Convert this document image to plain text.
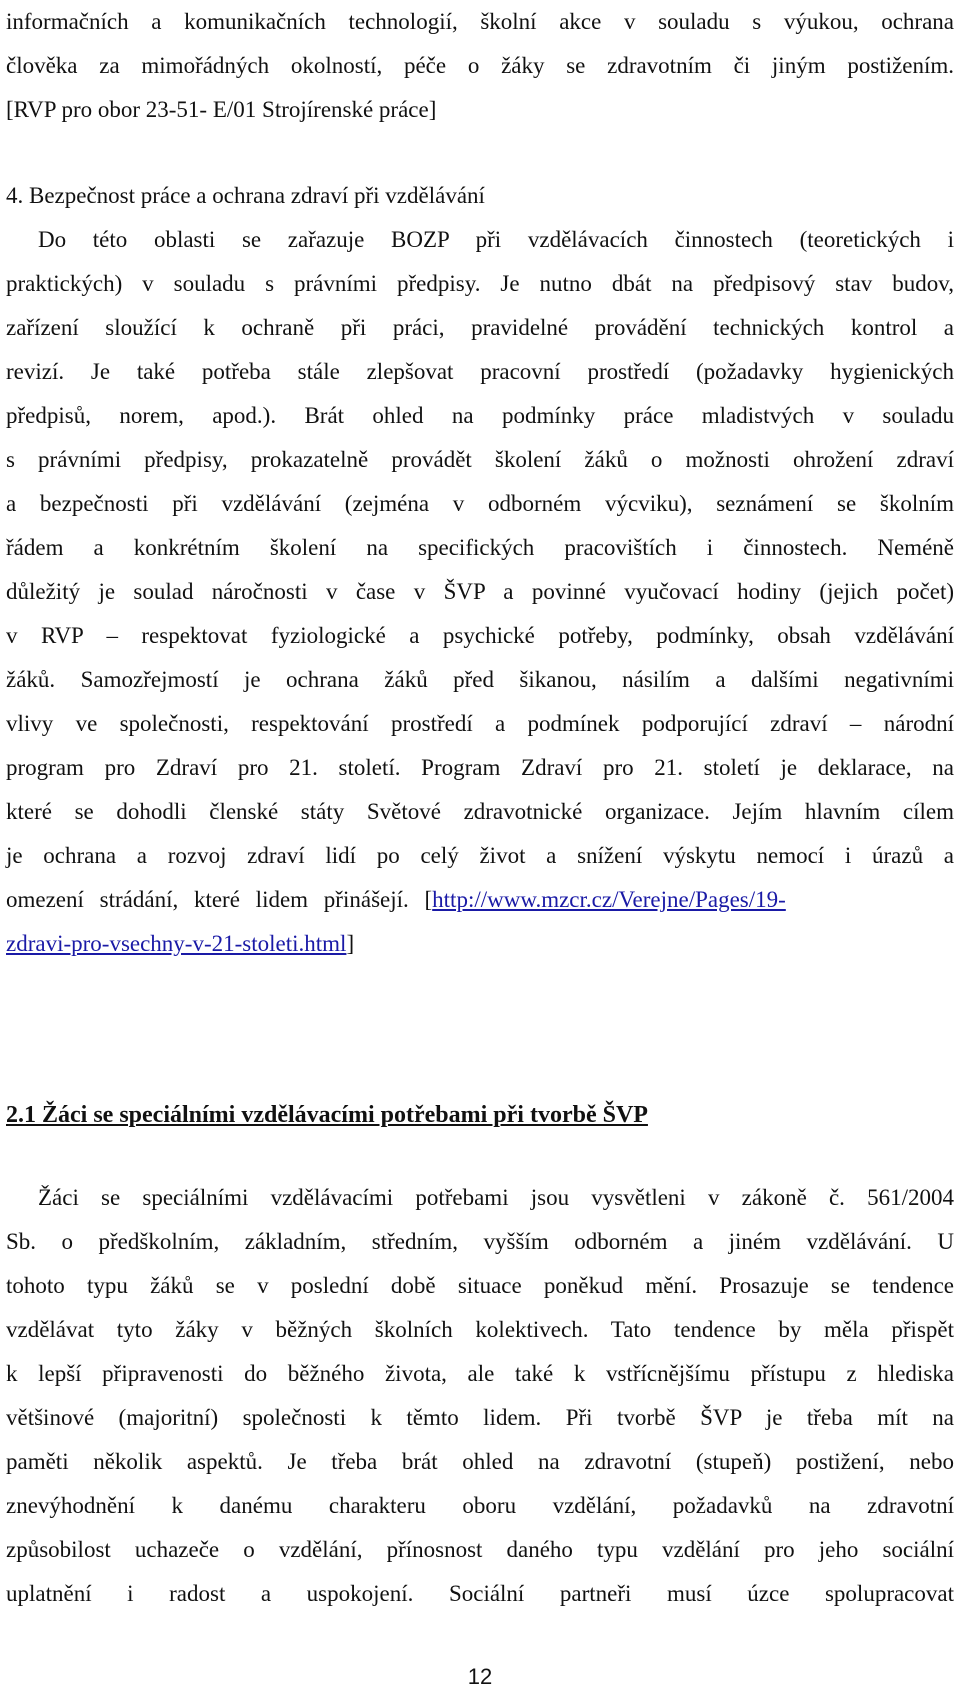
informačních a komunikačních technologií, školní akce v souladu s výukou, ochrana
člověka za mimořádných okolností, péče o žáky se zdravotním či jiným postižením.
[RVP pro obor 23-51- E/01 Strojírenské práce]
4. Bezpečnost práce a ochrana zdraví při vzdělávání
Do této oblasti se zařazuje BOZP při vzdělávacích činnostech (teoretických i
praktických) v souladu s právními předpisy. Je nutno dbát na předpisový stav budov,
zařízení sloužící k ochraně při práci, pravidelné provádění technických kontrol a
revizí. Je také potřeba stále zlepšovat pracovní prostředí (požadavky hygienických
předpisů, norem, apod.). Brát ohled na podmínky práce mladistvých v souladu
s právními předpisy, prokazatelně provádět školení žáků o možnosti ohrožení zdraví
a bezpečnosti při vzdělávání (zejména v odborném výcviku), seznámení se školním
řádem a konkrétním školení na specifických pracovištích i činnostech. Neméně
důležitý je soulad náročnosti v čase v ŠVP a povinné vyučovací hodiny (jejich počet)
v RVP – respektovat fyziologické a psychické potřeby, podmínky, obsah vzdělávání
žáků. Samozřejmostí je ochrana žáků před šikanou, násilím a dalšími negativními
vlivy ve společnosti, respektování prostředí a podmínek podporující zdraví – národní
program pro Zdraví pro 21. století. Program Zdraví pro 21. století je deklarace, na
které se dohodli členské státy Světové zdravotnické organizace. Jejím hlavním cílem
je ochrana a rozvoj zdraví lidí po celý život a snížení výskytu nemocí i úrazů a
omezení strádání, které lidem přinášejí. [http://www.mzcr.cz/Verejne/Pages/19-
zdravi-pro-vsechny-v-21-stoleti.html]
2.1 Žáci se speciálními vzdělávacími potřebami při tvorbě ŠVP
Žáci se speciálními vzdělávacími potřebami jsou vysvětleni v zákoně č. 561/2004
Sb. o předškolním, základním, středním, vyšším odborném a jiném vzdělávání. U
tohoto typu žáků se v poslední době situace poněkud mění. Prosazuje se tendence
vzdělávat tyto žáky v běžných školních kolektivech. Tato tendence by měla přispět
k lepší připravenosti do běžného života, ale také k vstřícnějšímu přístupu z hlediska
většinové (majoritní) společnosti k těmto lidem. Při tvorbě ŠVP je třeba mít na
paměti několik aspektů. Je třeba brát ohled na zdravotní (stupeň) postižení, nebo
znevýhodnění k danému charakteru oboru vzdělání, požadavků na zdravotní
způsobilost uchazeče o vzdělání, přínosnost daného typu vzdělání pro jeho sociální
uplatnění i radost a uspokojení. Sociální partneři musí úzce spolupracovat
12
